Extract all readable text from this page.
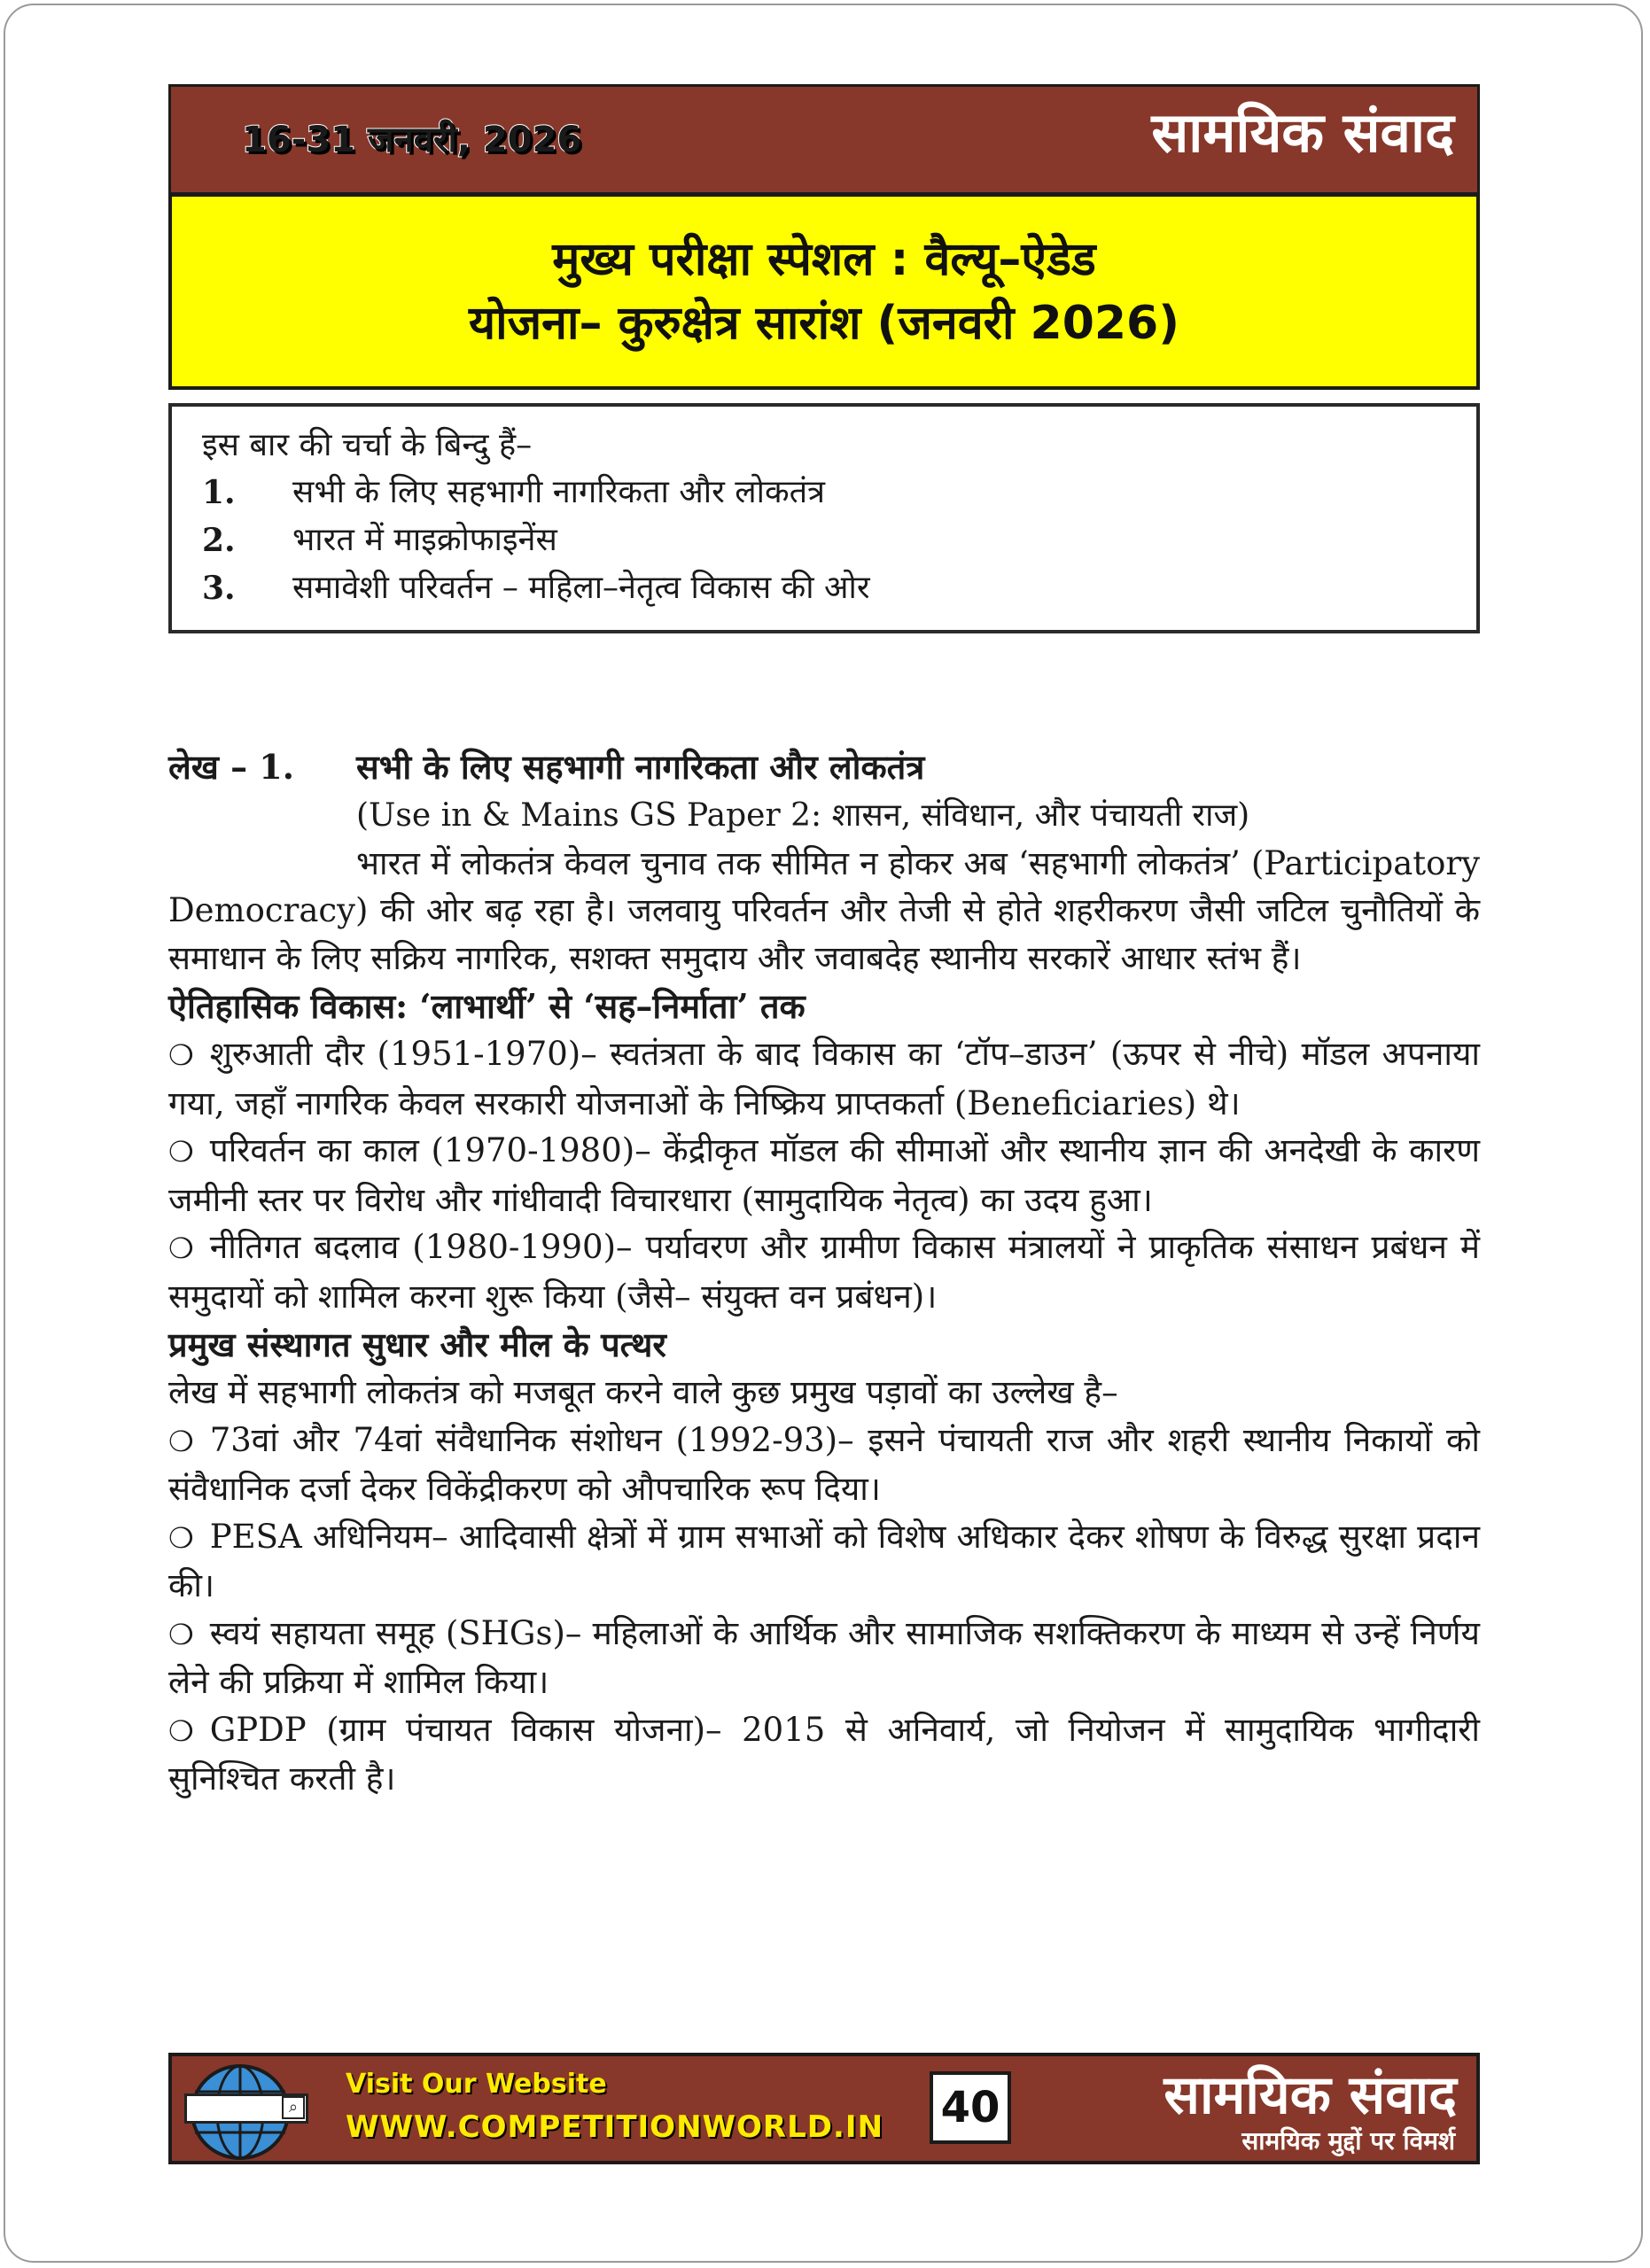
16-31 जनवरी, 2026	सामयिक संवाद
मुख्य परीक्षा स्पेशल : वैल्यू–ऐडेड
योजना– कुरुक्षेत्र सारांश (जनवरी 2026)
इस बार की चर्चा के बिन्दु हैं–
1.	सभी के लिए सहभागी नागरिकता और लोकतंत्र
2.	भारत में माइक्रोफाइनेंस
3.	समावेशी परिवर्तन – महिला–नेतृत्व विकास की ओर
लेख – 1.	सभी के लिए सहभागी नागरिकता और लोकतंत्र
(Use in & Mains GS Paper 2: शासन, संविधान, और पंचायती राज)
भारत में लोकतंत्र केवल चुनाव तक सीमित न होकर अब ‘सहभागी लोकतंत्र’ (Participatory Democracy) की ओर बढ़ रहा है। जलवायु परिवर्तन और तेजी से होते शहरीकरण जैसी जटिल चुनौतियों के समाधान के लिए सक्रिय नागरिक, सशक्त समुदाय और जवाबदेह स्थानीय सरकारें आधार स्तंभ हैं।
ऐतिहासिक विकास: ‘लाभार्थी’ से ‘सह–निर्माता’ तक
❍ शुरुआती दौर (1951-1970)– स्वतंत्रता के बाद विकास का ‘टॉप–डाउन’ (ऊपर से नीचे) मॉडल अपनाया गया, जहाँ नागरिक केवल सरकारी योजनाओं के निष्क्रिय प्राप्तकर्ता (Beneficiaries) थे।
❍ परिवर्तन का काल (1970-1980)– केंद्रीकृत मॉडल की सीमाओं और स्थानीय ज्ञान की अनदेखी के कारण जमीनी स्तर पर विरोध और गांधीवादी विचारधारा (सामुदायिक नेतृत्व) का उदय हुआ।
❍ नीतिगत बदलाव (1980-1990)– पर्यावरण और ग्रामीण विकास मंत्रालयों ने प्राकृतिक संसाधन प्रबंधन में समुदायों को शामिल करना शुरू किया (जैसे– संयुक्त वन प्रबंधन)।
प्रमुख संस्थागत सुधार और मील के पत्थर
लेख में सहभागी लोकतंत्र को मजबूत करने वाले कुछ प्रमुख पड़ावों का उल्लेख है–
❍ 73वां और 74वां संवैधानिक संशोधन (1992-93)– इसने पंचायती राज और शहरी स्थानीय निकायों को संवैधानिक दर्जा देकर विकेंद्रीकरण को औपचारिक रूप दिया।
❍ PESA अधिनियम– आदिवासी क्षेत्रों में ग्राम सभाओं को विशेष अधिकार देकर शोषण के विरुद्ध सुरक्षा प्रदान की।
❍ स्वयं सहायता समूह (SHGs)– महिलाओं के आर्थिक और सामाजिक सशक्तिकरण के माध्यम से उन्हें निर्णय लेने की प्रक्रिया में शामिल किया।
❍ GPDP (ग्राम पंचायत विकास योजना)– 2015 से अनिवार्य, जो नियोजन में सामुदायिक भागीदारी सुनिश्चित करती है।
⌕
Visit Our Website
WWW.COMPETITIONWORLD.IN 40	सामयिक संवाद
सामयिक मुद्दों पर विमर्श
